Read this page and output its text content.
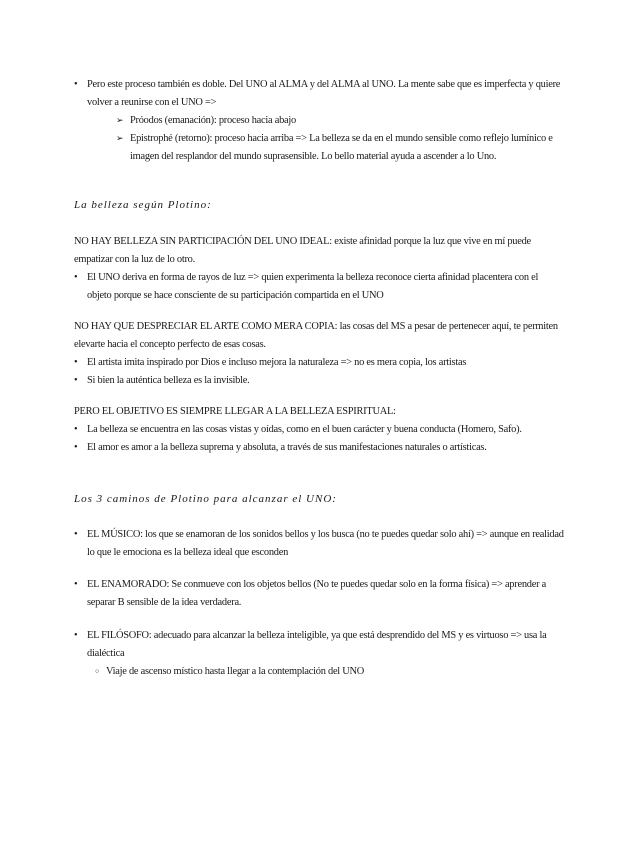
• Pero este proceso también es doble. Del UNO al ALMA y del ALMA al UNO. La mente sabe que es imperfecta y quiere volver a reunirse con el UNO =>

➢ Próodos (emanación): proceso hacia abajo

➢ Epistrophé (retorno): proceso hacia arriba => La belleza se da en el mundo sensible como reflejo lumínico e imagen del resplandor del mundo suprasensible. Lo bello material ayuda a ascender a lo Uno.

La belleza según Plotino:

NO HAY BELLEZA SIN PARTICIPACIÓN DEL UNO IDEAL: existe afinidad porque la luz que vive en mí puede empatizar con la luz de lo otro.

• El UNO deriva en forma de rayos de luz => quien experimenta la belleza reconoce cierta afinidad placentera con el objeto porque se hace consciente de su participación compartida en el UNO

NO HAY QUE DESPRECIAR EL ARTE COMO MERA COPIA: las cosas del MS a pesar de pertenecer aquí, te permiten elevarte hacia el concepto perfecto de esas cosas.

• El artista imita inspirado por Dios e incluso mejora la naturaleza => no es mera copia, los artistas

• Si bien la auténtica belleza es la invisible.

PERO EL OBJETIVO ES SIEMPRE LLEGAR A LA BELLEZA ESPIRITUAL:

• La belleza se encuentra en las cosas vistas y oídas, como en el buen carácter y buena conducta (Homero, Safo).

• El amor es amor a la belleza suprema y absoluta, a través de sus manifestaciones naturales o artísticas.

Los 3 caminos de Plotino para alcanzar el UNO:

• EL MÚSICO: los que se enamoran de los sonidos bellos y los busca (no te puedes quedar solo ahí) => aunque en realidad lo que le emociona es la belleza ideal que esconden

• EL ENAMORADO: Se conmueve con los objetos bellos (No te puedes quedar solo en la forma física) => aprender a separar B sensible de la idea verdadera.

• EL FILÓSOFO: adecuado para alcanzar la belleza inteligible, ya que está desprendido del MS y es virtuoso => usa la dialéctica

◦ Viaje de ascenso místico hasta llegar a la contemplación del UNO
